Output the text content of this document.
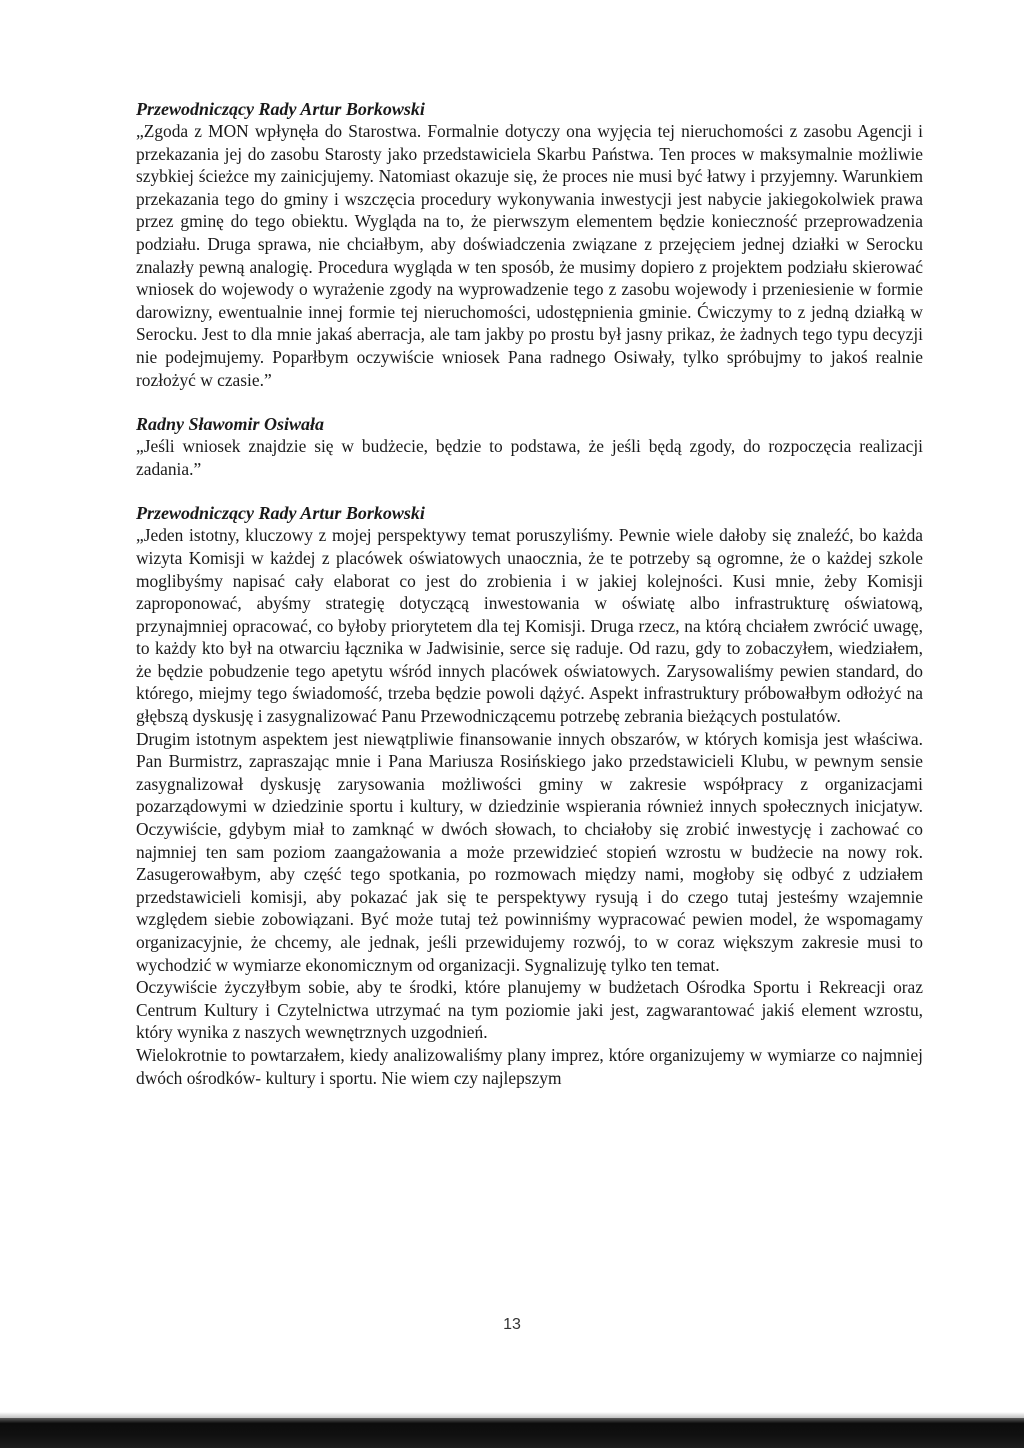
Przewodniczący Rady Artur Borkowski

„Zgoda z MON wpłynęła do Starostwa. Formalnie dotyczy ona wyjęcia tej nieruchomości z zasobu Agencji i przekazania jej do zasobu Starosty jako przedstawiciela Skarbu Państwa. Ten proces w maksymalnie możliwie szybkiej ścieżce my zainicjujemy. Natomiast okazuje się, że proces nie musi być łatwy i przyjemny. Warunkiem przekazania tego do gminy i wszczęcia procedury wykonywania inwestycji jest nabycie jakiegokolwiek prawa przez gminę do tego obiektu. Wygląda na to, że pierwszym elementem będzie konieczność przeprowadzenia podziału. Druga sprawa, nie chciałbym, aby doświadczenia związane z przejęciem jednej działki w Serocku znalazły pewną analogię. Procedura wygląda w ten sposób, że musimy dopiero z projektem podziału skierować wniosek do wojewody o wyrażenie zgody na wyprowadzenie tego z zasobu wojewody i przeniesienie w formie darowizny, ewentualnie innej formie tej nieruchomości, udostępnienia gminie. Ćwiczymy to z jedną działką w Serocku. Jest to dla mnie jakaś aberracja, ale tam jakby po prostu był jasny prikaz, że żadnych tego typu decyzji nie podejmujemy. Poparłbym oczywiście wniosek Pana radnego Osiwały, tylko spróbujmy to jakoś realnie rozłożyć w czasie.”

Radny Sławomir Osiwała

„Jeśli wniosek znajdzie się w budżecie, będzie to podstawa, że jeśli będą zgody, do rozpoczęcia realizacji zadania.”

Przewodniczący Rady Artur Borkowski

„Jeden istotny, kluczowy z mojej perspektywy temat poruszyliśmy. Pewnie wiele dałoby się znaleźć, bo każda wizyta Komisji w każdej z placówek oświatowych unaocznia, że te potrzeby są ogromne, że o każdej szkole moglibyśmy napisać cały elaborat co jest do zrobienia i w jakiej kolejności. Kusi mnie, żeby Komisji zaproponować, abyśmy strategię dotyczącą inwestowania w oświatę albo infrastrukturę oświatową, przynajmniej opracować, co byłoby priorytetem dla tej Komisji. Druga rzecz, na którą chciałem zwrócić uwagę, to każdy kto był na otwarciu łącznika w Jadwisinie, serce się raduje. Od razu, gdy to zobaczyłem, wiedziałem, że będzie pobudzenie tego apetytu wśród innych placówek oświatowych. Zarysowaliśmy pewien standard, do którego, miejmy tego świadomość, trzeba będzie powoli dążyć. Aspekt infrastruktury próbowałbym odłożyć na głębszą dyskusję i zasygnalizować Panu Przewodniczącemu potrzebę zebrania bieżących postulatów.

Drugim istotnym aspektem jest niewątpliwie finansowanie innych obszarów, w których komisja jest właściwa. Pan Burmistrz, zapraszając mnie i Pana Mariusza Rosińskiego jako przedstawicieli Klubu, w pewnym sensie zasygnalizował dyskusję zarysowania możliwości gminy w zakresie współpracy z organizacjami pozarządowymi w dziedzinie sportu i kultury, w dziedzinie wspierania również innych społecznych inicjatyw. Oczywiście, gdybym miał to zamknąć w dwóch słowach, to chciałoby się zrobić inwestycję i zachować co najmniej ten sam poziom zaangażowania a może przewidzieć stopień wzrostu w budżecie na nowy rok. Zasugerowałbym, aby część tego spotkania, po rozmowach między nami, mogłoby się odbyć z udziałem przedstawicieli komisji, aby pokazać jak się te perspektywy rysują i do czego tutaj jesteśmy wzajemnie względem siebie zobowiązani. Być może tutaj też powinniśmy wypracować pewien model, że wspomagamy organizacyjnie, że chcemy, ale jednak, jeśli przewidujemy rozwój, to w coraz większym zakresie musi to wychodzić w wymiarze ekonomicznym od organizacji. Sygnalizuję tylko ten temat.

Oczywiście życzyłbym sobie, aby te środki, które planujemy w budżetach Ośrodka Sportu i Rekreacji oraz Centrum Kultury i Czytelnictwa utrzymać na tym poziomie jaki jest, zagwarantować jakiś element wzrostu, który wynika z naszych wewnętrznych uzgodnień.

Wielokrotnie to powtarzałem, kiedy analizowaliśmy plany imprez, które organizujemy w wymiarze co najmniej dwóch ośrodków- kultury i sportu. Nie wiem czy najlepszym

13
